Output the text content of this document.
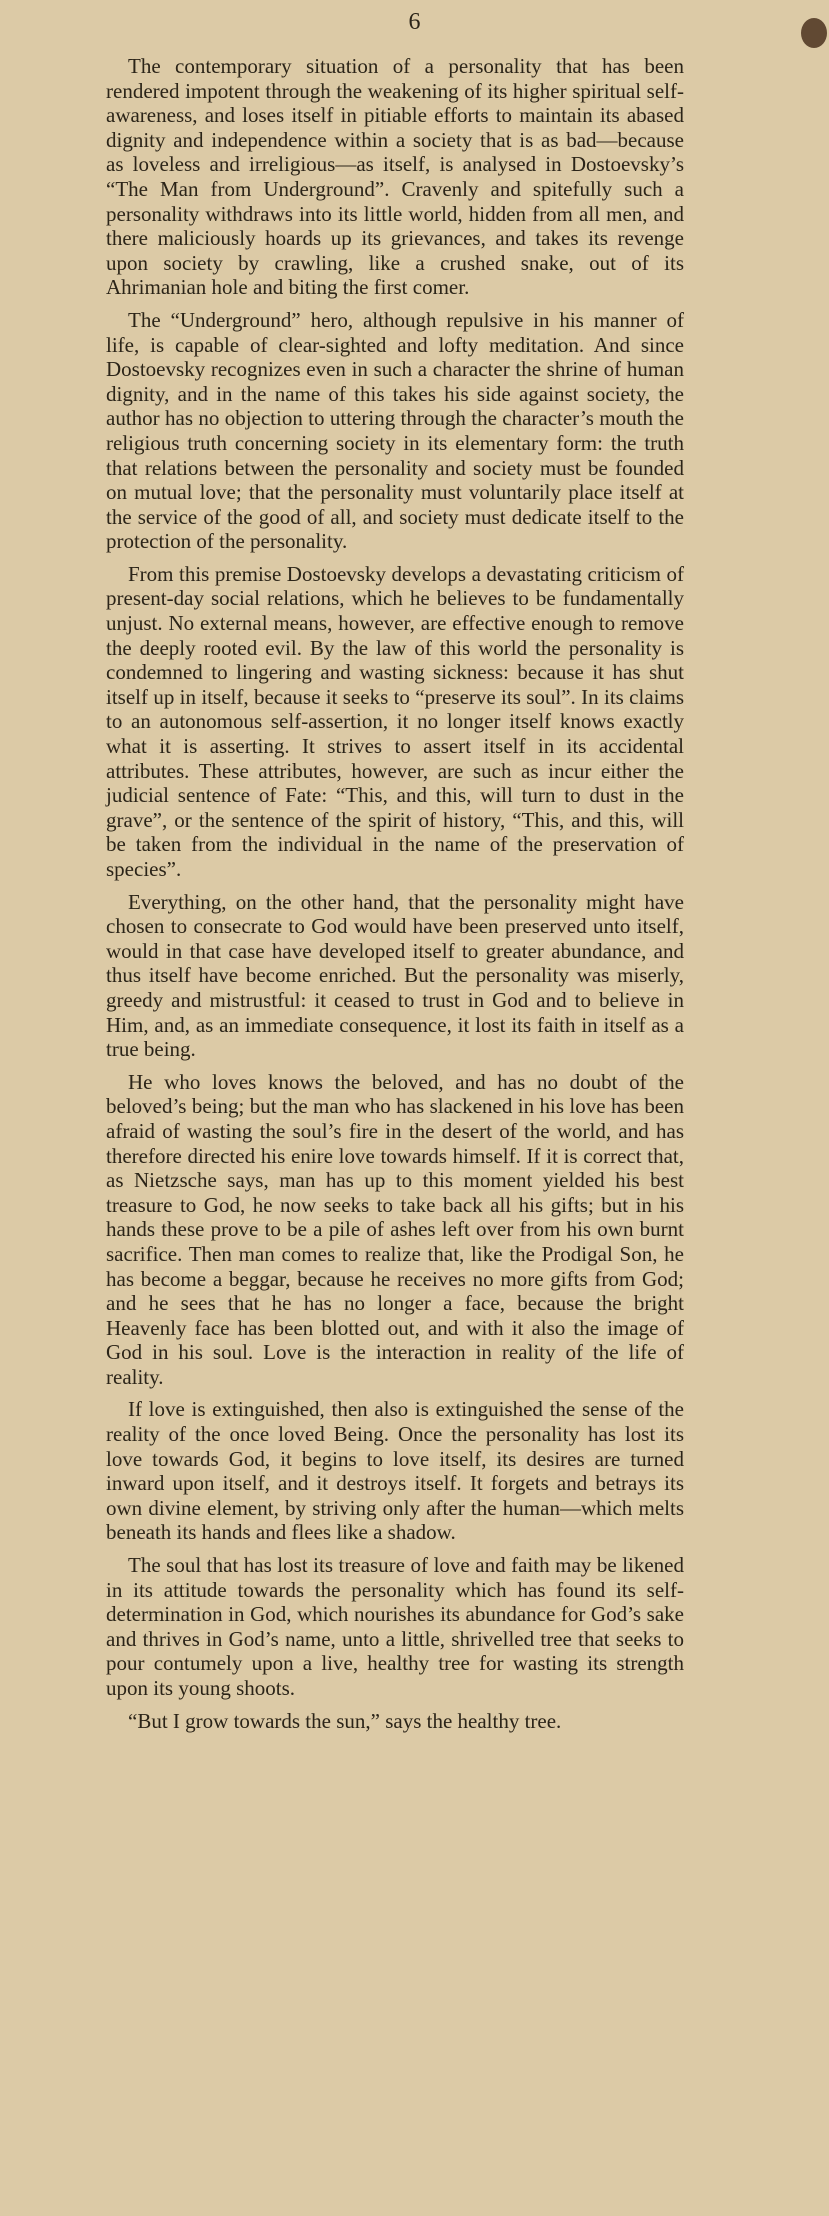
6

The contemporary situation of a personality that has been rendered impotent through the weakening of its higher spiritual self-awareness, and loses itself in pitiable efforts to maintain its abased dignity and independence within a society that is as bad—because as loveless and irreligious—as itself, is analysed in Dostoevsky’s “The Man from Underground”. Cravenly and spitefully such a personality withdraws into its little world, hidden from all men, and there maliciously hoards up its grievances, and takes its revenge upon society by crawling, like a crushed snake, out of its Ahrimanian hole and biting the first comer.

The “Underground” hero, although repulsive in his manner of life, is capable of clear-sighted and lofty meditation. And since Dostoevsky recognizes even in such a character the shrine of human dignity, and in the name of this takes his side against society, the author has no objection to uttering through the character’s mouth the religious truth concerning society in its elementary form: the truth that relations between the personality and society must be founded on mutual love; that the personality must voluntarily place itself at the service of the good of all, and society must dedicate itself to the protection of the personality.

From this premise Dostoevsky develops a devastating criticism of present-day social relations, which he believes to be fundamentally unjust. No external means, however, are effective enough to remove the deeply rooted evil. By the law of this world the personality is condemned to lingering and wasting sickness: because it has shut itself up in itself, because it seeks to “preserve its soul”. In its claims to an autonomous self-assertion, it no longer itself knows exactly what it is asserting. It strives to assert itself in its accidental attributes. These attributes, however, are such as incur either the judicial sentence of Fate: “This, and this, will turn to dust in the grave”, or the sentence of the spirit of history, “This, and this, will be taken from the individual in the name of the preservation of species”.

Everything, on the other hand, that the personality might have chosen to consecrate to God would have been preserved unto itself, would in that case have developed itself to greater abundance, and thus itself have become enriched. But the personality was miserly, greedy and mistrustful: it ceased to trust in God and to believe in Him, and, as an immediate consequence, it lost its faith in itself as a true being.

He who loves knows the beloved, and has no doubt of the beloved’s being; but the man who has slackened in his love has been afraid of wasting the soul’s fire in the desert of the world, and has therefore directed his enire love towards himself. If it is correct that, as Nietzsche says, man has up to this moment yielded his best treasure to God, he now seeks to take back all his gifts; but in his hands these prove to be a pile of ashes left over from his own burnt sacrifice. Then man comes to realize that, like the Prodigal Son, he has become a beggar, because he receives no more gifts from God; and he sees that he has no longer a face, because the bright Heavenly face has been blotted out, and with it also the image of God in his soul. Love is the interaction in reality of the life of reality.

If love is extinguished, then also is extinguished the sense of the reality of the once loved Being. Once the personality has lost its love towards God, it begins to love itself, its desires are turned inward upon itself, and it destroys itself. It forgets and betrays its own divine element, by striving only after the human—which melts beneath its hands and flees like a shadow.

The soul that has lost its treasure of love and faith may be likened in its attitude towards the personality which has found its self-determination in God, which nourishes its abundance for God’s sake and thrives in God’s name, unto a little, shrivelled tree that seeks to pour contumely upon a live, healthy tree for wasting its strength upon its young shoots.

“But I grow towards the sun,” says the healthy tree.
